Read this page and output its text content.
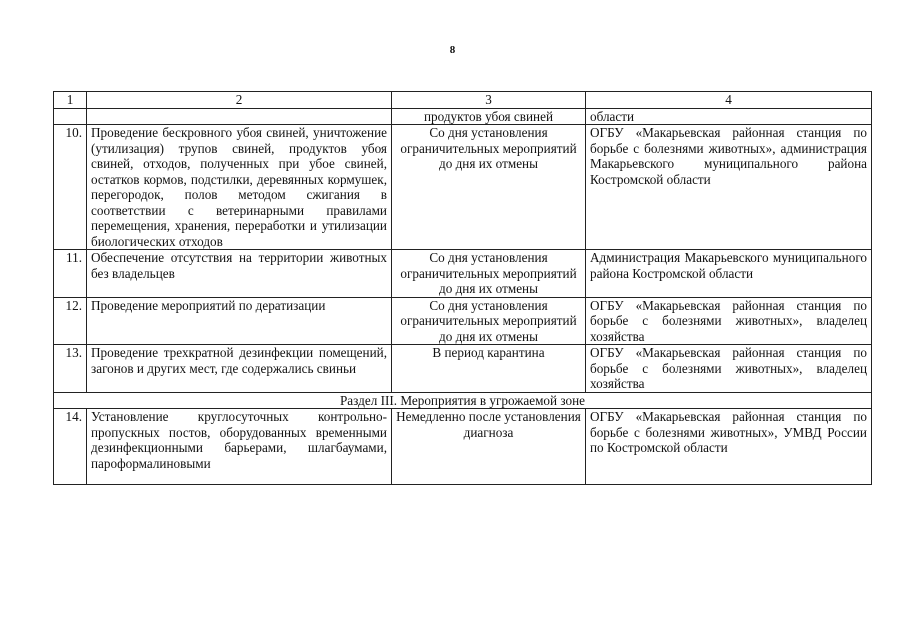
8
1	2	3	4
		продуктов убоя свиней	области
10.	Проведение бескровного убоя свиней, уничтожение (утилизация) трупов свиней, продуктов убоя свиней, отходов, полученных при убое свиней, остатков кормов, подстилки, деревянных кормушек, перегородок, полов методом сжигания в соответствии с ветеринарными правилами перемещения, хранения, переработки и утилизации биологических отходов	Со дня установления ограничительных мероприятий до дня их отмены	ОГБУ «Макарьевская районная станция по борьбе с болезнями животных», администрация Макарьевского муниципального района Костромской области
11.	Обеспечение отсутствия на территории животных без владельцев	Со дня установления ограничительных мероприятий до дня их отмены	Администрация Макарьевского муниципального района Костромской области
12.	Проведение мероприятий по дератизации	Со дня установления ограничительных мероприятий до дня их отмены	ОГБУ «Макарьевская районная станция по борьбе с болезнями животных», владелец хозяйства
13.	Проведение трехкратной дезинфекции помещений, загонов и других мест, где содержались свиньи	В период карантина	ОГБУ «Макарьевская районная станция по борьбе с болезнями животных», владелец хозяйства
Раздел III. Мероприятия в угрожаемой зоне			
14.	Установление круглосуточных контрольно-пропускных постов, оборудованных временными дезинфекционными барьерами, шлагбаумами, пароформалиновыми	Немедленно после установления диагноза	ОГБУ «Макарьевская районная станция по борьбе с болезнями животных», УМВД России по Костромской области
